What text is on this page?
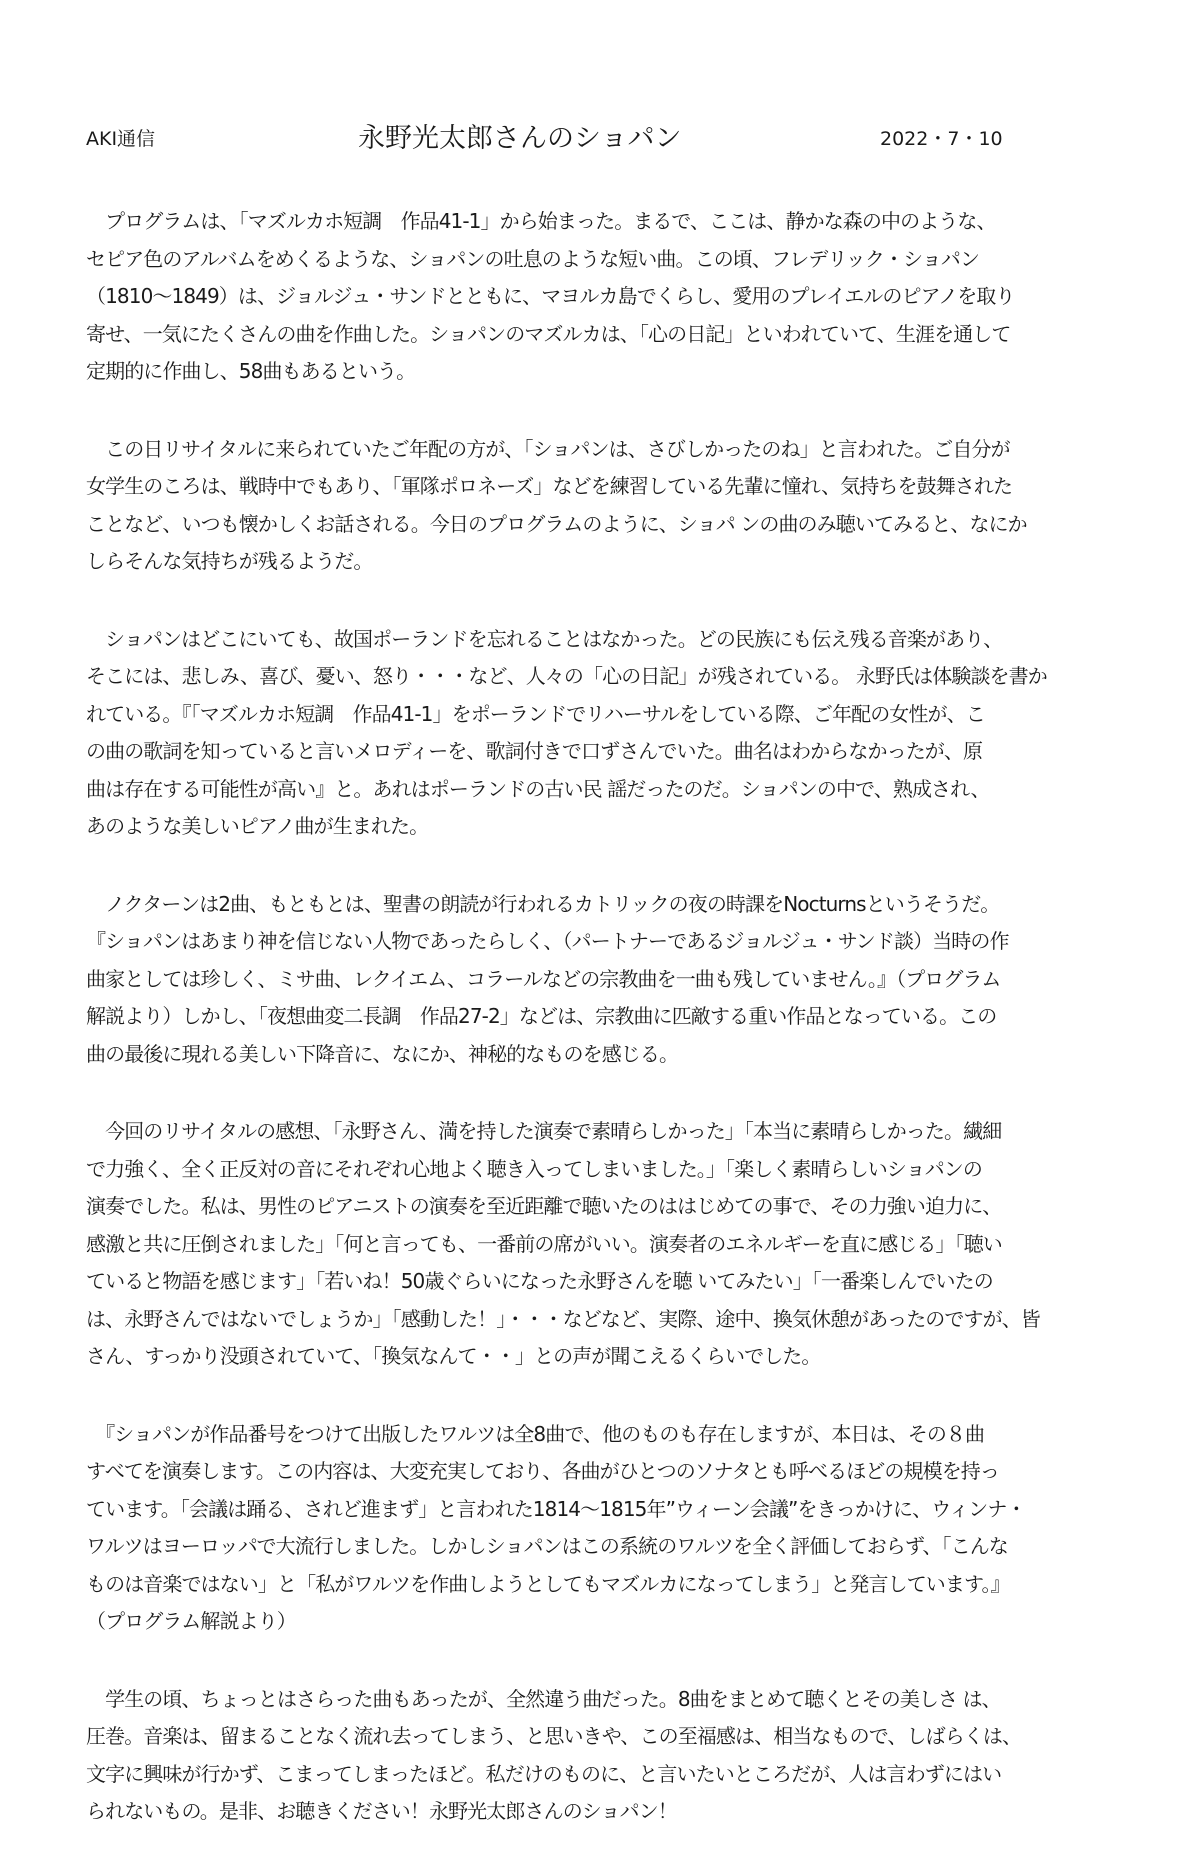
AKI通信	永野光太郎さんのショパン	2022・7・10
　プログラムは、「マズルカホ短調　作品41-1」から始まった。まるで、ここは、静かな森の中のような、
セピア色のアルバムをめくるような、ショパンの吐息のような短い曲。この頃、フレデリック・ショパン
（1810～1849）は、ジョルジュ・サンドとともに、マヨルカ島でくらし、愛用のプレイエルのピアノを取り
寄せ、一気にたくさんの曲を作曲した。ショパンのマズルカは、「心の日記」といわれていて、生涯を通して
定期的に作曲し、58曲もあるという。
　この日リサイタルに来られていたご年配の方が、「ショパンは、さびしかったのね」と言われた。ご自分が
女学生のころは、戦時中でもあり、「軍隊ポロネーズ」などを練習している先輩に憧れ、気持ちを鼓舞された
ことなど、いつも懐かしくお話される。今日のプログラムのように、ショパ ンの曲のみ聴いてみると、なにか
しらそんな気持ちが残るようだ。
　ショパンはどこにいても、故国ポーランドを忘れることはなかった。どの民族にも伝え残る音楽があり、
そこには、悲しみ、喜び、憂い、怒り・・・など、人々の「心の日記」が残されている。 永野氏は体験談を書か
れている。『「マズルカホ短調　作品41-1」をポーランドでリハーサルをしている際、ご年配の女性が、こ
の曲の歌詞を知っていると言いメロディーを、歌詞付きで口ずさんでいた。曲名はわからなかったが、原
曲は存在する可能性が高い』と。あれはポーランドの古い民 謡だったのだ。ショパンの中で、熟成され、
あのような美しいピアノ曲が生まれた。
　ノクターンは2曲、もともとは、聖書の朗読が行われるカトリックの夜の時課をNocturnsというそうだ。
『ショパンはあまり神を信じない人物であったらしく、（パートナーであるジョルジュ・サンド談）当時の作
曲家としては珍しく、ミサ曲、レクイエム、コラールなどの宗教曲を一曲も残していません。』（プログラム
解説より）しかし、「夜想曲変二長調　作品27-2」などは、宗教曲に匹敵する重い作品となっている。この
曲の最後に現れる美しい下降音に、なにか、神秘的なものを感じる。
　今回のリサイタルの感想、「永野さん、満を持した演奏で素晴らしかった」「本当に素晴らしかった。繊細
で力強く、全く正反対の音にそれぞれ心地よく聴き入ってしまいました。」「楽しく素晴らしいショパンの
演奏でした。私は、男性のピアニストの演奏を至近距離で聴いたのははじめての事で、その力強い迫力に、
感激と共に圧倒されました」「何と言っても、一番前の席がいい。演奏者のエネルギーを直に感じる」「聴い
ていると物語を感じます」「若いね！50歳ぐらいになった永野さんを聴 いてみたい」「一番楽しんでいたの
は、永野さんではないでしょうか」「感動した！」・・・などなど、実際、途中、換気休憩があったのですが、皆
さん、すっかり没頭されていて、「換気なんて・・」との声が聞こえるくらいでした。
　『ショパンが作品番号をつけて出版したワルツは全8曲で、他のものも存在しますが、本日は、その８曲
すべてを演奏します。この内容は、大変充実しており、各曲がひとつのソナタとも呼べるほどの規模を持っ
ています。「会議は踊る、されど進まず」と言われた1814～1815年”ウィーン会議”をきっかけに、ウィンナ・
ワルツはヨーロッパで大流行しました。しかしショパンはこの系統のワルツを全く評価しておらず、「こんな
ものは音楽ではない」と「私がワルツを作曲しようとしてもマズルカになってしまう」と発言しています。』
（プログラム解説より）
　学生の頃、ちょっとはさらった曲もあったが、全然違う曲だった。8曲をまとめて聴くとその美しさ は、
圧巻。音楽は、留まることなく流れ去ってしまう、と思いきや、この至福感は、相当なもので、しばらくは、
文字に興味が行かず、こまってしまったほど。私だけのものに、と言いたいところだが、人は言わずにはい
られないもの。是非、お聴きください！永野光太郎さんのショパン！
